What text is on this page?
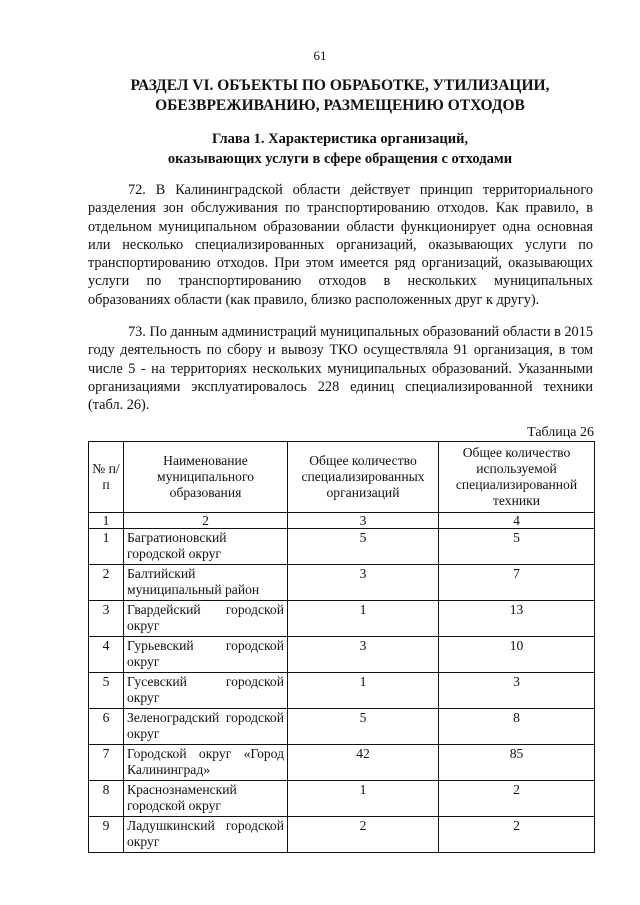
61
РАЗДЕЛ VI. ОБЪЕКТЫ ПО ОБРАБОТКЕ, УТИЛИЗАЦИИ,
ОБЕЗВРЕЖИВАНИЮ, РАЗМЕЩЕНИЮ ОТХОДОВ
Глава 1. Характеристика организаций,
оказывающих услуги в сфере обращения с отходами

72. В Калининградской области действует принцип территориального разделения зон обслуживания по транспортированию отходов. Как правило, в отдельном муниципальном образовании области функционирует одна основная или несколько специализированных организаций, оказывающих услуги по транспортированию отходов. При этом имеется ряд организаций, оказывающих услуги по транспортированию отходов в нескольких муниципальных образованиях области (как правило, близко расположенных друг к другу).

73. По данным администраций муниципальных образований области в 2015 году деятельность по сбору и вывозу ТКО осуществляла 91 организация, в том числе 5 - на территориях нескольких муниципальных образований. Указанными организациями эксплуатировалось 228 единиц специализированной техники (табл. 26).

Таблица 26
№ п/п	Наименование муниципального образования	Общее количество специализированных организаций	Общее количество используемой специализированной техники
1	2	3	4
1	Багратионовский городской округ	5	5
2	Балтийский муниципальный район	3	7
3	Гвардейский городской округ	1	13
4	Гурьевский городской округ	3	10
5	Гусевский городской округ	1	3
6	Зеленоградский городской округ	5	8
7	Городской округ «Город Калининград»	42	85
8	Краснознаменский городской округ	1	2
9	Ладушкинский городской округ	2	2
